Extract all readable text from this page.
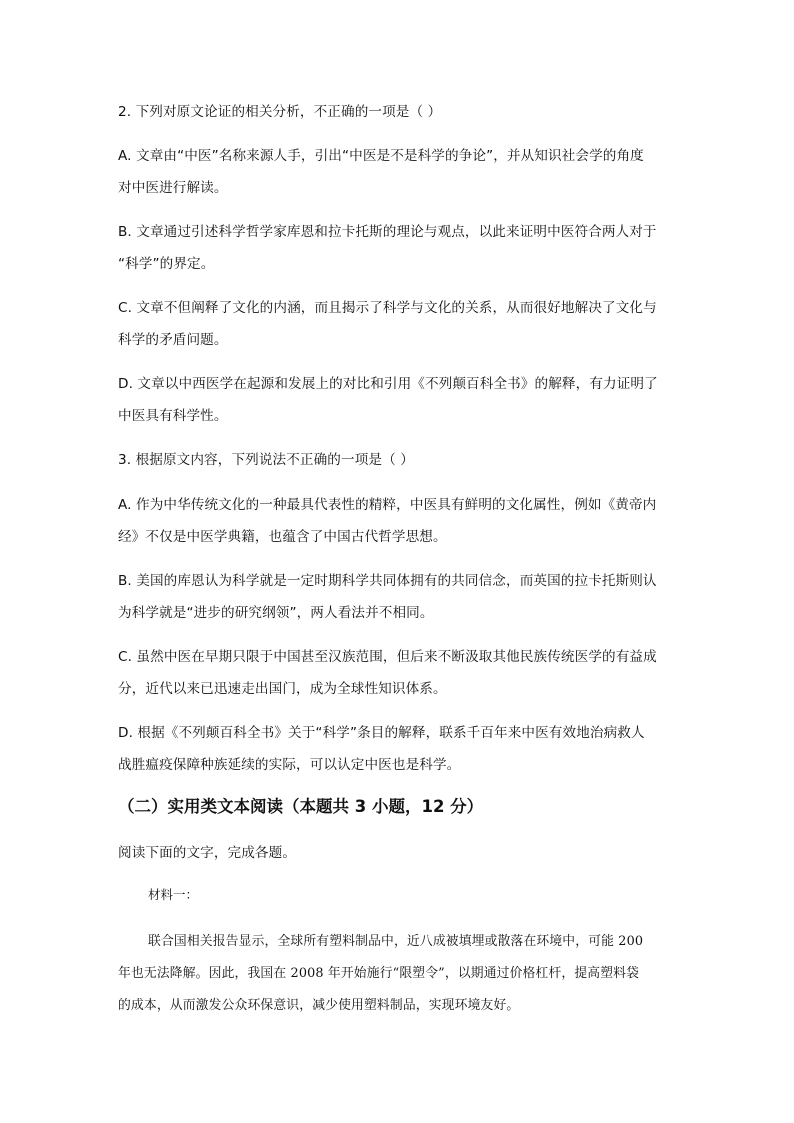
2. 下列对原文论证的相关分析，不正确的一项是（ ）
A. 文章由“中医”名称来源人手，引出“中医是不是科学的争论”，并从知识社会学的角度
对中医进行解读。
B. 文章通过引述科学哲学家库恩和拉卡托斯的理论与观点，以此来证明中医符合两人对于
“科学”的界定。
C. 文章不但阐释了文化的内涵，而且揭示了科学与文化的关系，从而很好地解决了文化与
科学的矛盾问题。
D. 文章以中西医学在起源和发展上的对比和引用《不列颠百科全书》的解释，有力证明了
中医具有科学性。
3. 根据原文内容，下列说法不正确的一项是（ ）
A. 作为中华传统文化的一种最具代表性的精粹，中医具有鲜明的文化属性，例如《黄帝内
经》不仅是中医学典籍，也蕴含了中国古代哲学思想。
B. 美国的库恩认为科学就是一定时期科学共同体拥有的共同信念，而英国的拉卡托斯则认
为科学就是“进步的研究纲领”，两人看法并不相同。
C. 虽然中医在早期只限于中国甚至汉族范围，但后来不断汲取其他民族传统医学的有益成
分，近代以来已迅速走出国门，成为全球性知识体系。
D. 根据《不列颠百科全书》关于“科学”条目的解释，联系千百年来中医有效地治病救人
战胜瘟疫保障种族延续的实际，可以认定中医也是科学。
（二）实用类文本阅读（本题共 3 小题，12 分）
阅读下面的文字，完成各题。
材料一：
联合国相关报告显示，全球所有塑料制品中，近八成被填埋或散落在环境中，可能 200
年也无法降解。因此，我国在 2008 年开始施行“限塑令”，以期通过价格杠杆，提高塑料袋
的成本，从而激发公众环保意识，减少使用塑料制品，实现环境友好。
